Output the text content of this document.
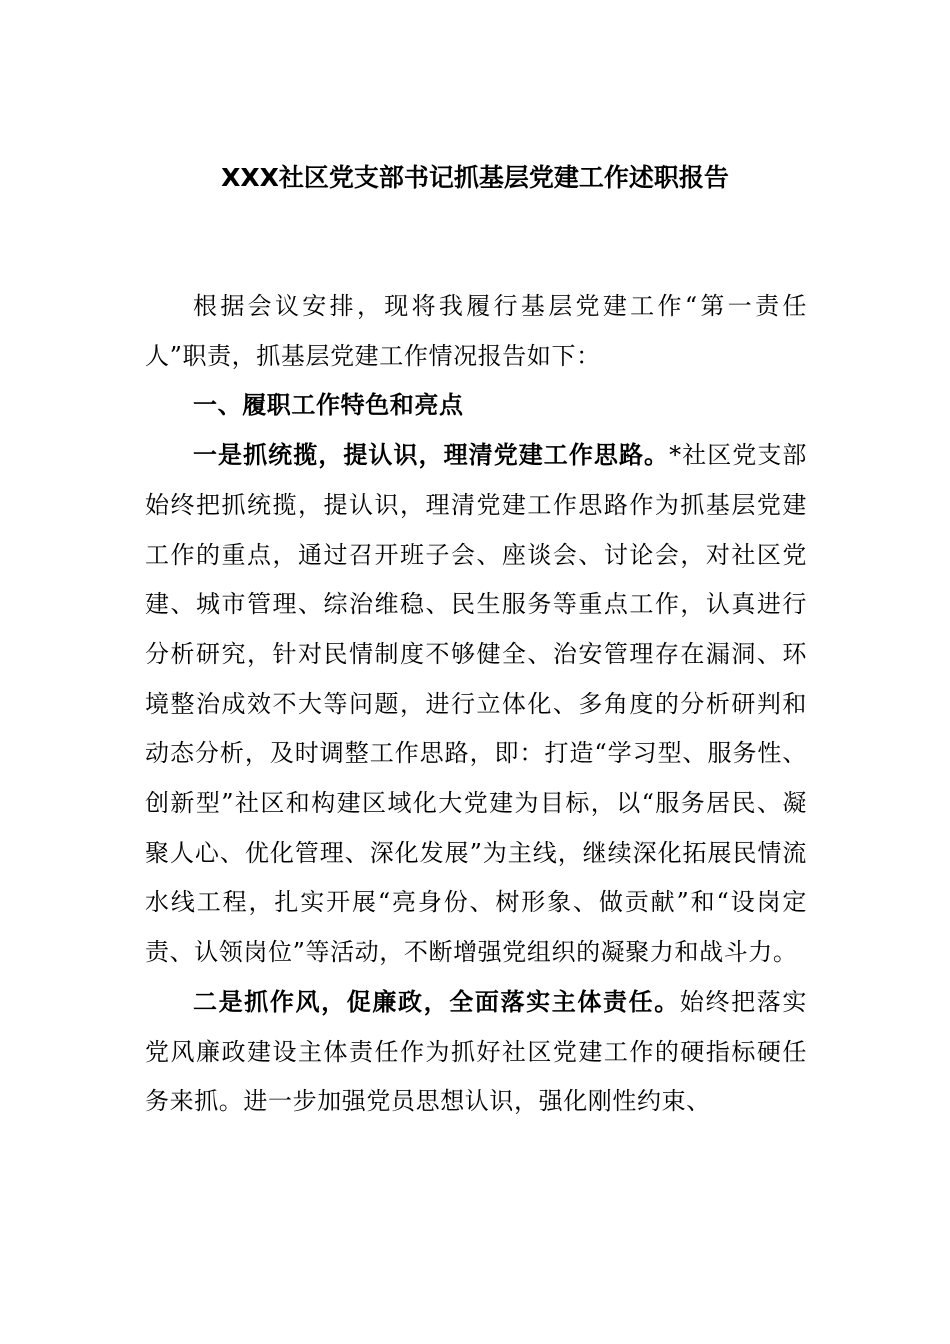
XXX社区党支部书记抓基层党建工作述职报告

根据会议安排，现将我履行基层党建工作“第一责任人”职责，抓基层党建工作情况报告如下：

一、履职工作特色和亮点

一是抓统揽，提认识，理清党建工作思路。*社区党支部始终把抓统揽，提认识，理清党建工作思路作为抓基层党建工作的重点，通过召开班子会、座谈会、讨论会，对社区党建、城市管理、综治维稳、民生服务等重点工作，认真进行分析研究，针对民情制度不够健全、治安管理存在漏洞、环境整治成效不大等问题，进行立体化、多角度的分析研判和动态分析，及时调整工作思路，即：打造“学习型、服务性、创新型”社区和构建区域化大党建为目标，以“服务居民、凝聚人心、优化管理、深化发展”为主线，继续深化拓展民情流水线工程，扎实开展“亮身份、树形象、做贡献”和“设岗定责、认领岗位”等活动，不断增强党组织的凝聚力和战斗力。

二是抓作风，促廉政，全面落实主体责任。始终把落实党风廉政建设主体责任作为抓好社区党建工作的硬指标硬任务来抓。进一步加强党员思想认识，强化刚性约束、
